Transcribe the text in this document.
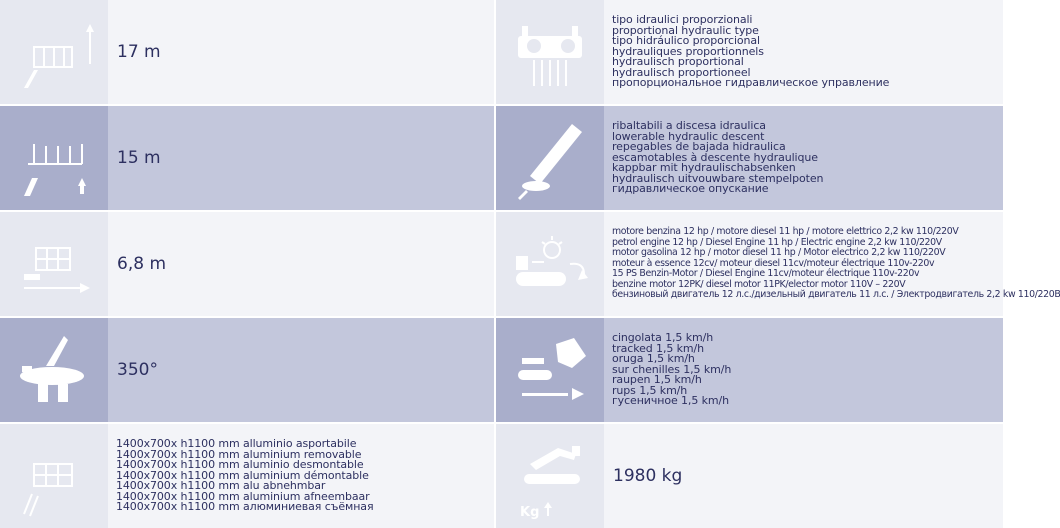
17 m
tipo idraulici proporzionali
proportional hydraulic type
tipo hidráulico proporcional
hydrauliques proportionnels
hydraulisch proportional
hydraulisch proportioneel
пропорциональное гидравлическое управление
15 m
ribaltabili a discesa idraulica
lowerable hydraulic descent
repegables de bajada hidraulica
escamotables à descente hydraulique
kappbar mit hydraulischabsenken
hydraulisch uitvouwbare stempelpoten
гидравлическое опускание
6,8 m
motore benzina 12 hp / motore diesel 11 hp / motore elettrico 2,2 kw 110/220V
petrol engine 12 hp / Diesel Engine 11 hp / Electric engine 2,2 kw 110/220V
motor gasolina 12 hp / motor diesel 11 hp / Motor electrico 2,2 kw 110/220V
moteur à essence 12cv/ moteur diesel 11cv/moteur électrique 110v-220v
15 PS Benzin-Motor / Diesel Engine 11cv/moteur électrique 110v-220v
benzine motor 12PK/ diesel motor 11PK/elector motor 110V – 220V
бензиновый двигатель 12 л.с./дизельный двигатель 11 л.с. / Электродвигатель 2,2 kw 110/220В
350°
cingolata 1,5 km/h
tracked 1,5 km/h
oruga 1,5 km/h
sur chenilles 1,5 km/h
raupen 1,5 km/h
rups 1,5 km/h
гусеничное 1,5 km/h
1400x700x h1100 mm alluminio asportabile
1400x700x h1100 mm aluminium removable
1400x700x h1100 mm aluminio desmontable
1400x700x h1100 mm aluminium démontable
1400x700x h1100 mm alu abnehmbar
1400x700x h1100 mm aluminium afneembaar
1400x700x h1100 mm алюминиевая съёмная	Kg
1980 kg
